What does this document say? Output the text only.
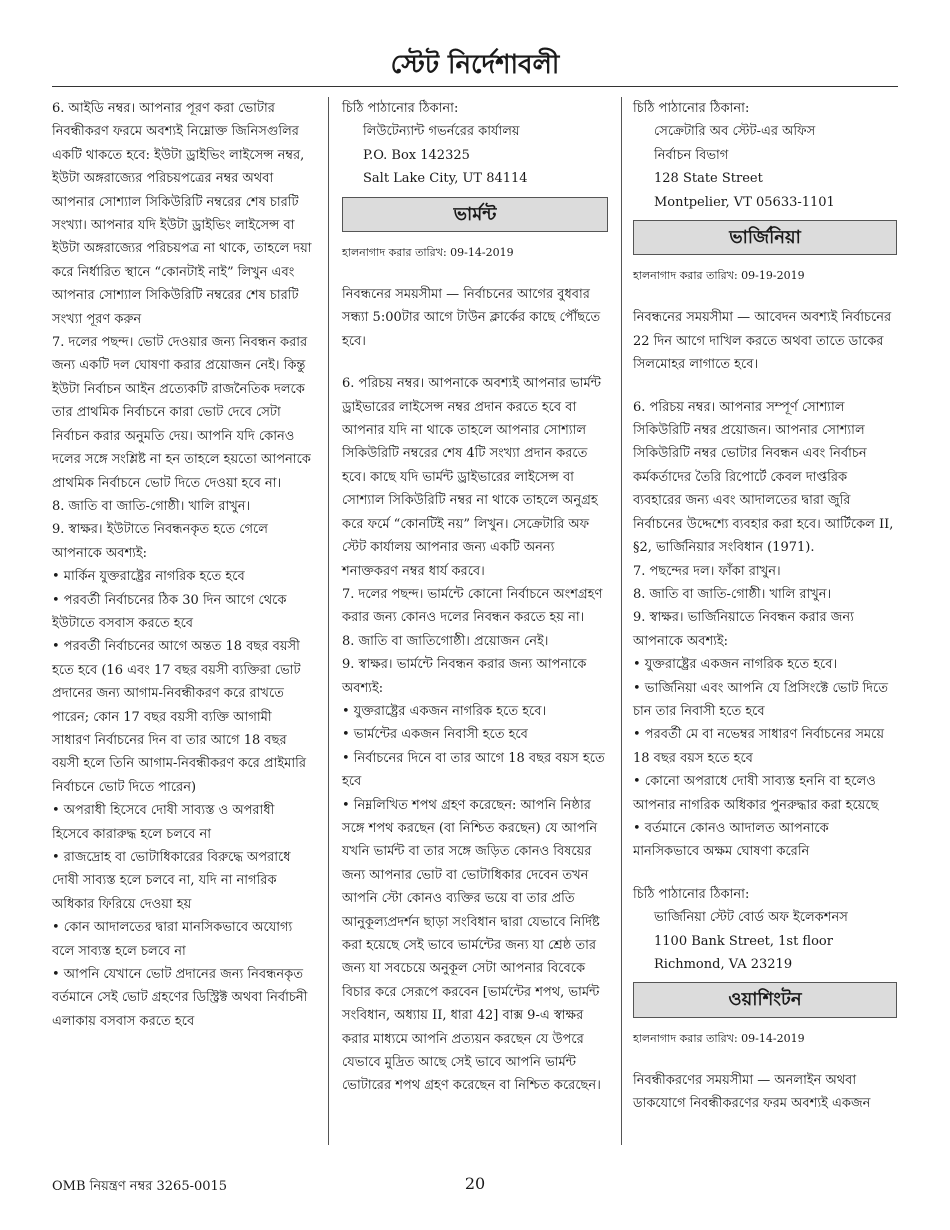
স্টেট নির্দেশাবলী

6. আইডি নম্বর। আপনার পূরণ করা ভোটার নিবন্ধীকরণ ফরমে অবশ্যই নিম্নোক্ত জিনিসগুলির একটি থাকতে হবে: ইউটা ড্রাইভিং লাইসেন্স নম্বর, ইউটা অঙ্গরাজ্যের পরিচয়পত্রের নম্বর অথবা আপনার সোশ্যাল সিকিউরিটি নম্বরের শেষ চারটি সংখ্যা। আপনার যদি ইউটা ড্রাইভিং লাইসেন্স বা ইউটা অঙ্গরাজ্যের পরিচয়পত্র না থাকে, তাহলে দয়া করে নির্ধারিত স্থানে “কোনটাই নাই” লিখুন এবং আপনার সোশ্যাল সিকিউরিটি নম্বরের শেষ চারটি সংখ্যা পূরণ করুন

7. দলের পছন্দ। ভোট দেওয়ার জন্য নিবন্ধন করার জন্য একটি দল ঘোষণা করার প্রয়োজন নেই। কিন্তু ইউটা নির্বাচন আইন প্রত্যেকটি রাজনৈতিক দলকে তার প্রাথমিক নির্বাচনে কারা ভোট দেবে সেটা নির্বাচন করার অনুমতি দেয়। আপনি যদি কোনও দলের সঙ্গে সংশ্লিষ্ট না হন তাহলে হয়তো আপনাকে প্রাথমিক নির্বাচনে ভোট দিতে দেওয়া হবে না।

8. জাতি বা জাতি-গোষ্ঠী। খালি রাখুন।

9. স্বাক্ষর। ইউটাতে নিবন্ধনকৃত হতে গেলে আপনাকে অবশ্যই:

• মার্কিন যুক্তরাষ্ট্রের নাগরিক হতে হবে

• পরবর্তী নির্বাচনের ঠিক 30 দিন আগে থেকে ইউটাতে বসবাস করতে হবে

• পরবর্তী নির্বাচনের আগে অন্তত 18 বছর বয়সী হতে হবে (16 এবং 17 বছর বয়সী ব্যক্তিরা ভোট প্রদানের জন্য আগাম-নিবন্ধীকরণ করে রাখতে পারেন; কোন 17 বছর বয়সী ব্যক্তি আগামী সাধারণ নির্বাচনের দিন বা তার আগে 18 বছর বয়সী হলে তিনি আগাম-নিবন্ধীকরণ করে প্রাইমারি নির্বাচনে ভোট দিতে পারেন)

• অপরাধী হিসেবে দোষী সাব্যস্ত ও অপরাধী হিসেবে কারারুদ্ধ হলে চলবে না

• রাজদ্রোহ বা ভোটাধিকারের বিরুদ্ধে অপরাধে দোষী সাব্যস্ত হলে চলবে না, যদি না নাগরিক অধিকার ফিরিয়ে দেওয়া হয়

• কোন আদালতের দ্বারা মানসিকভাবে অযোগ্য বলে সাব্যস্ত হলে চলবে না

• আপনি যেখানে ভোট প্রদানের জন্য নিবন্ধনকৃত বর্তমানে সেই ভোট গ্রহণের ডিস্ট্রিক্ট অথবা নির্বাচনী এলাকায় বসবাস করতে হবে

চিঠি পাঠানোর ঠিকানা:

লিউটেন্যান্ট গভর্নরের কার্যালয়

P.O. Box 142325

Salt Lake City, UT 84114

ভার্মন্ট

হালনাগাদ করার তারিখ: 09-14-2019

নিবন্ধনের সময়সীমা — নির্বাচনের আগের বুধবার সন্ধ্যা 5:00টার আগে টাউন ক্লার্কের কাছে পৌঁছতে হবে।

6. পরিচয় নম্বর। আপনাকে অবশ্যই আপনার ভার্মন্ট ড্রাইভারের লাইসেন্স নম্বর প্রদান করতে হবে বা আপনার যদি না থাকে তাহলে আপনার সোশ্যাল সিকিউরিটি নম্বরের শেষ 4টি সংখ্যা প্রদান করতে হবে। কাছে যদি ভার্মন্ট ড্রাইভারের লাইসেন্স বা সোশ্যাল সিকিউরিটি নম্বর না থাকে তাহলে অনুগ্রহ করে ফর্মে “কোনটিই নয়” লিখুন। সেক্রেটারি অফ স্টেট কার্যালয় আপনার জন্য একটি অনন্য শনাক্তকরণ নম্বর ধার্য করবে।

7. দলের পছন্দ। ভার্মন্টে কোনো নির্বাচনে অংশগ্রহণ করার জন্য কোনও দলের নিবন্ধন করতে হয় না।

8. জাতি বা জাতিগোষ্ঠী। প্রয়োজন নেই।

9. স্বাক্ষর। ভার্মন্টে নিবন্ধন করার জন্য আপনাকে অবশ্যই:

• যুক্তরাষ্ট্রের একজন নাগরিক হতে হবে।

• ভার্মন্টের একজন নিবাসী হতে হবে

• নির্বাচনের দিনে বা তার আগে 18 বছর বয়স হতে হবে

• নিম্নলিখিত শপথ গ্রহণ করেছেন: আপনি নিষ্ঠার সঙ্গে শপথ করছেন (বা নিশ্চিত করছেন) যে আপনি যখনি ভার্মন্ট বা তার সঙ্গে জড়িত কোনও বিষয়ের জন্য আপনার ভোট বা ভোটাধিকার দেবেন তখন আপনি স্টো কোনও ব্যক্তির ভয়ে বা তার প্রতি আনুকূল্যপ্রদর্শন ছাড়া সংবিধান দ্বারা যেভাবে নির্দিষ্ট করা হয়েছে সেই ভাবে ভার্মন্টের জন্য যা শ্রেষ্ঠ তার জন্য যা সবচেয়ে অনুকূল সেটা আপনার বিবেকে বিচার করে সেরূপে করবেন [ভার্মন্টের শপথ, ভার্মন্ট সংবিধান, অধ্যায় II, ধারা 42] বাক্স 9-এ স্বাক্ষর করার মাধ্যমে আপনি প্রত্যয়ন করছেন যে উপরে যেভাবে মুদ্রিত আছে সেই ভাবে আপনি ভার্মন্ট ভোটারের শপথ গ্রহণ করেছেন বা নিশ্চিত করেছেন।

চিঠি পাঠানোর ঠিকানা:

সেক্রেটারি অব স্টেট-এর অফিস

নির্বাচন বিভাগ

128 State Street

Montpelier, VT 05633-1101

ভার্জিনিয়া

হালনাগাদ করার তারিখ: 09-19-2019

নিবন্ধনের সময়সীমা — আবেদন অবশ্যই নির্বাচনের 22 দিন আগে দাখিল করতে অথবা তাতে ডাকের সিলমোহর লাগাতে হবে।

6. পরিচয় নম্বর। আপনার সম্পূর্ণ সোশ্যাল সিকিউরিটি নম্বর প্রয়োজন। আপনার সোশ্যাল সিকিউরিটি নম্বর ভোটার নিবন্ধন এবং নির্বাচন কর্মকর্তাদের তৈরি রিপোর্টে কেবল দাপ্তরিক ব্যবহারের জন্য এবং আদালতের দ্বারা জুরি নির্বাচনের উদ্দেশ্যে ব্যবহার করা হবে। আর্টিকেল II, §2, ভার্জিনিয়ার সংবিধান (1971).

7. পছন্দের দল। ফাঁকা রাখুন।

8. জাতি বা জাতি-গোষ্ঠী। খালি রাখুন।

9. স্বাক্ষর। ভার্জিনিয়াতে নিবন্ধন করার জন্য আপনাকে অবশ্যই:

• যুক্তরাষ্ট্রের একজন নাগরিক হতে হবে।

• ভার্জিনিয়া এবং আপনি যে প্রিসিংক্টে ভোট দিতে চান তার নিবাসী হতে হবে

• পরবর্তী মে বা নভেম্বর সাধারণ নির্বাচনের সময়ে 18 বছর বয়স হতে হবে

• কোনো অপরাধে দোষী সাব্যস্ত হননি বা হলেও আপনার নাগরিক অধিকার পুনরুদ্ধার করা হয়েছে

• বর্তমানে কোনও আদালত আপনাকে মানসিকভাবে অক্ষম ঘোষণা করেনি

চিঠি পাঠানোর ঠিকানা:

ভার্জিনিয়া স্টেট বোর্ড অফ ইলেকশনস

1100 Bank Street, 1st floor

Richmond, VA 23219

ওয়াশিংটন

হালনাগাদ করার তারিখ: 09-14-2019

নিবন্ধীকরণের সময়সীমা — অনলাইন অথবা ডাকযোগে নিবন্ধীকরণের ফরম অবশ্যই একজন

OMB নিয়ন্ত্রণ নম্বর 3265-0015	20
